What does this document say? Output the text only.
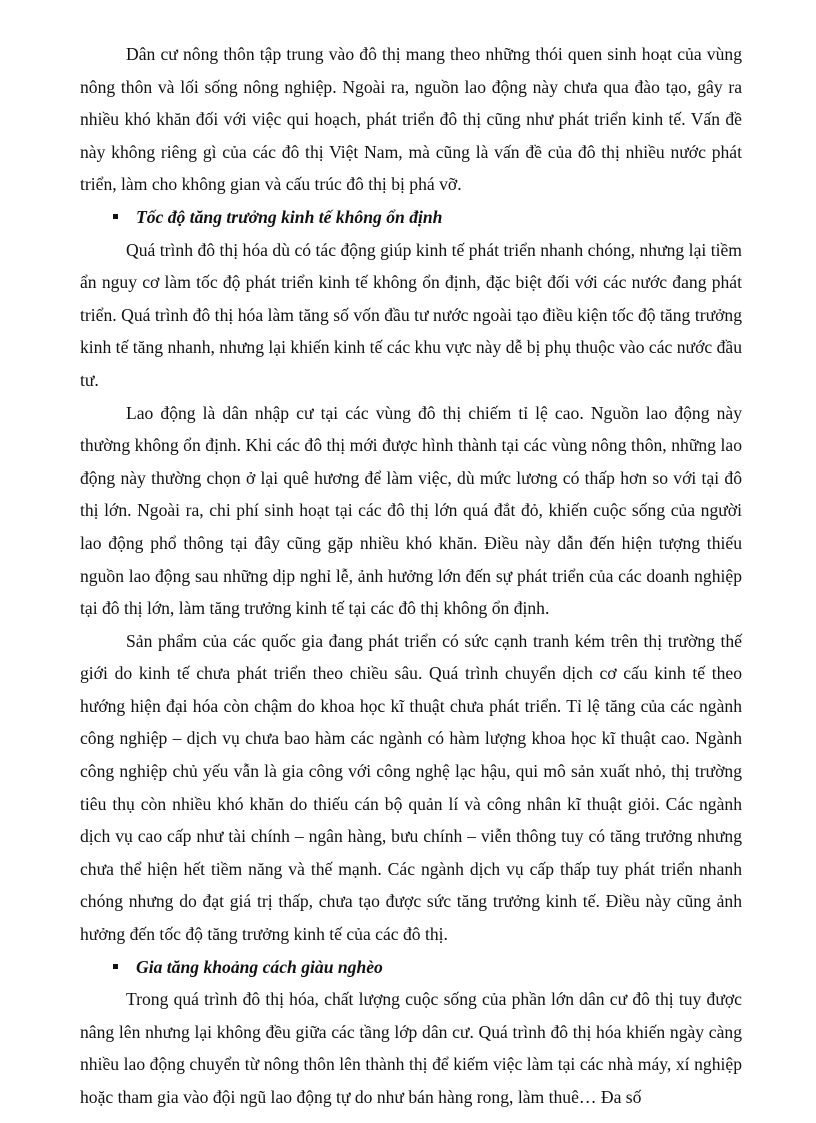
Dân cư nông thôn tập trung vào đô thị mang theo những thói quen sinh hoạt của vùng nông thôn và lối sống nông nghiệp. Ngoài ra, nguồn lao động này chưa qua đào tạo, gây ra nhiều khó khăn đối với việc qui hoạch, phát triển đô thị cũng như phát triển kinh tế. Vấn đề này không riêng gì của các đô thị Việt Nam, mà cũng là vấn đề của đô thị nhiều nước phát triển, làm cho không gian và cấu trúc đô thị bị phá vỡ.

Tốc độ tăng trưởng kinh tế không ổn định

Quá trình đô thị hóa dù có tác động giúp kinh tế phát triển nhanh chóng, nhưng lại tiềm ẩn nguy cơ làm tốc độ phát triển kinh tế không ổn định, đặc biệt đối với các nước đang phát triển. Quá trình đô thị hóa làm tăng số vốn đầu tư nước ngoài tạo điều kiện tốc độ tăng trưởng kinh tế tăng nhanh, nhưng lại khiến kinh tế các khu vực này dễ bị phụ thuộc vào các nước đầu tư.

Lao động là dân nhập cư tại các vùng đô thị chiếm tỉ lệ cao. Nguồn lao động này thường không ổn định. Khi các đô thị mới được hình thành tại các vùng nông thôn, những lao động này thường chọn ở lại quê hương để làm việc, dù mức lương có thấp hơn so với tại đô thị lớn. Ngoài ra, chi phí sinh hoạt tại các đô thị lớn quá đắt đỏ, khiến cuộc sống của người lao động phổ thông tại đây cũng gặp nhiều khó khăn. Điều này dẫn đến hiện tượng thiếu nguồn lao động sau những dịp nghỉ lễ, ảnh hưởng lớn đến sự phát triển của các doanh nghiệp tại đô thị lớn, làm tăng trưởng kinh tế tại các đô thị không ổn định.

Sản phẩm của các quốc gia đang phát triển có sức cạnh tranh kém trên thị trường thế giới do kinh tế chưa phát triển theo chiều sâu. Quá trình chuyển dịch cơ cấu kinh tế theo hướng hiện đại hóa còn chậm do khoa học kĩ thuật chưa phát triển. Tỉ lệ tăng của các ngành công nghiệp – dịch vụ chưa bao hàm các ngành có hàm lượng khoa học kĩ thuật cao. Ngành công nghiệp chủ yếu vẫn là gia công với công nghệ lạc hậu, qui mô sản xuất nhỏ, thị trường tiêu thụ còn nhiều khó khăn do thiếu cán bộ quản lí và công nhân kĩ thuật giỏi. Các ngành dịch vụ cao cấp như tài chính – ngân hàng, bưu chính – viễn thông tuy có tăng trưởng nhưng chưa thể hiện hết tiềm năng và thế mạnh. Các ngành dịch vụ cấp thấp tuy phát triển nhanh chóng nhưng do đạt giá trị thấp, chưa tạo được sức tăng trưởng kinh tế. Điều này cũng ảnh hưởng đến tốc độ tăng trưởng kinh tế của các đô thị.

Gia tăng khoảng cách giàu nghèo

Trong quá trình đô thị hóa, chất lượng cuộc sống của phần lớn dân cư đô thị tuy được nâng lên nhưng lại không đều giữa các tầng lớp dân cư. Quá trình đô thị hóa khiến ngày càng nhiều lao động chuyển từ nông thôn lên thành thị để kiếm việc làm tại các nhà máy, xí nghiệp hoặc tham gia vào đội ngũ lao động tự do như bán hàng rong, làm thuê… Đa số
